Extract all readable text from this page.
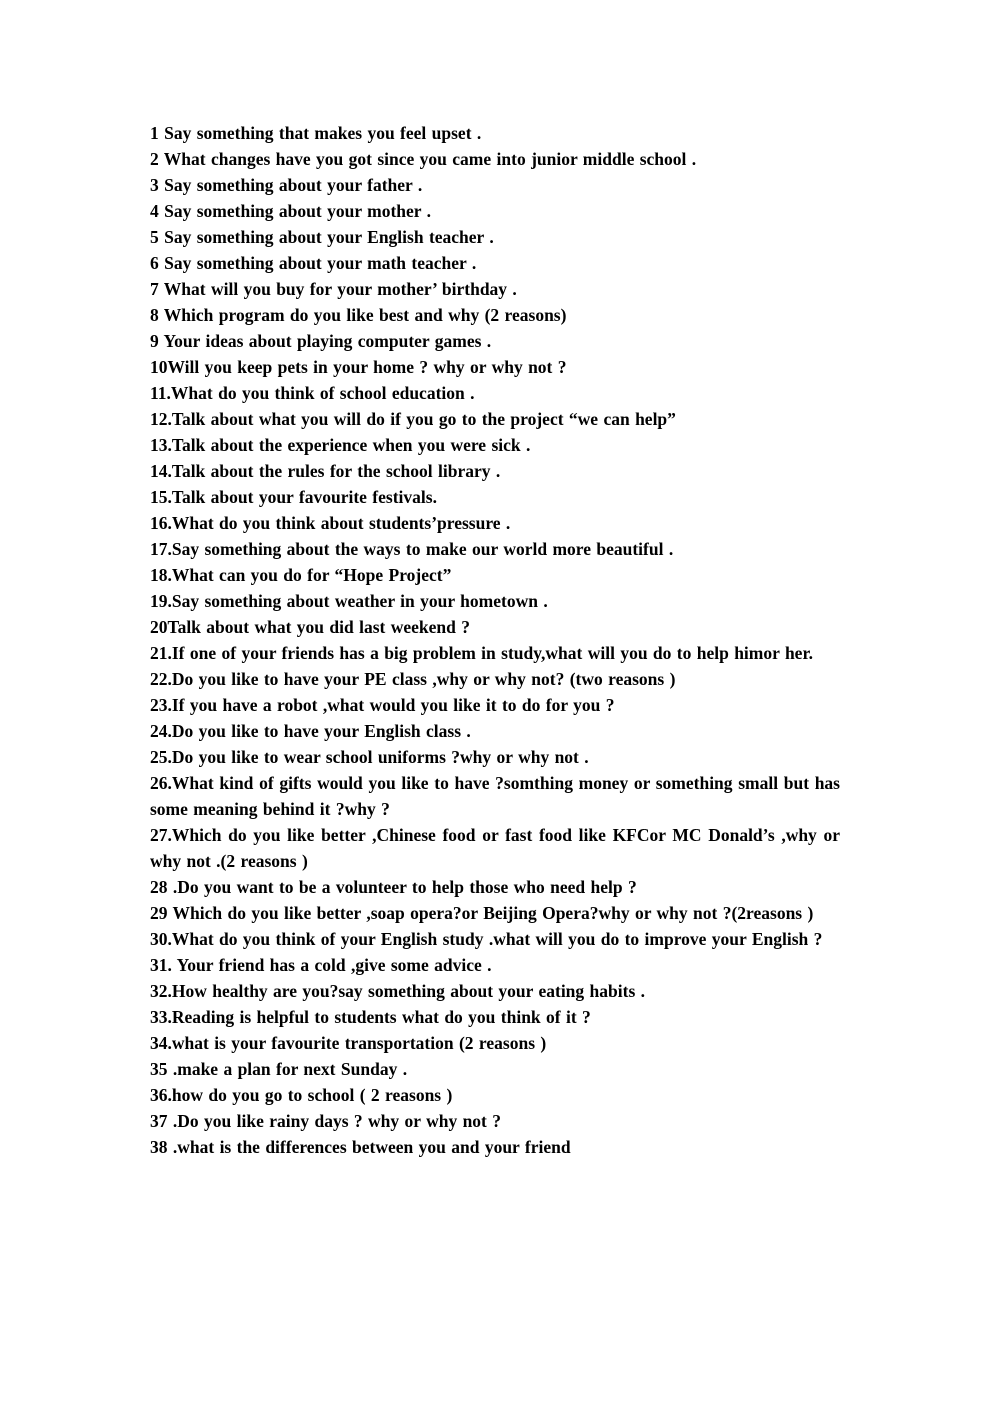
1 Say something that makes you feel upset .
2 What changes have you got since you came into junior middle school .
3 Say something about your father .
4 Say something about your mother .
5 Say something about your English teacher .
6 Say something about your math teacher .
7 What will you buy for your mother’ birthday .
8 Which program do you like best and why (2 reasons)
9 Your ideas about playing computer games .
10Will you keep pets in your home ? why or why not ?
11.What do you think of school education .
12.Talk about what you will do if you go to the project “we can help”
13.Talk about the experience when you were sick .
14.Talk about the rules for the school library .
15.Talk about your favourite festivals.
16.What do you think about students’pressure .
17.Say something about the ways to make our world more beautiful .
18.What can you do for “Hope Project”
19.Say something about weather in your hometown .
20Talk about what you did last weekend ?
21.If one of your friends has a big problem in study,what will you do to help himor her.
22.Do you like to have your PE class ,why or why not? (two reasons )
23.If you have a robot ,what would you like it to do for you ?
24.Do you like to have your English class .
25.Do you like to wear school uniforms ?why or why not .
26.What kind of gifts would you like to have ?somthing money or something small but has some meaning behind it ?why ?
27.Which do you like better ,Chinese food or fast food like KFCor MC Donald’s ,why or why not .(2 reasons )
28 .Do you want to be a volunteer to help those who need help ?
29 Which do you like better ,soap opera?or Beijing Opera?why or why not ?(2reasons )
30.What do you think of your English study .what will you do to improve your English ?
31. Your friend has a cold ,give some advice .
32.How healthy are you?say something about your eating habits .
33.Reading is helpful to students what do you think of it ?
34.what is your favourite transportation (2 reasons )
35 .make a plan for next Sunday .
36.how do you go to school ( 2 reasons )
37 .Do you like rainy days ? why or why not ?
38 .what is the differences between you and your friend
